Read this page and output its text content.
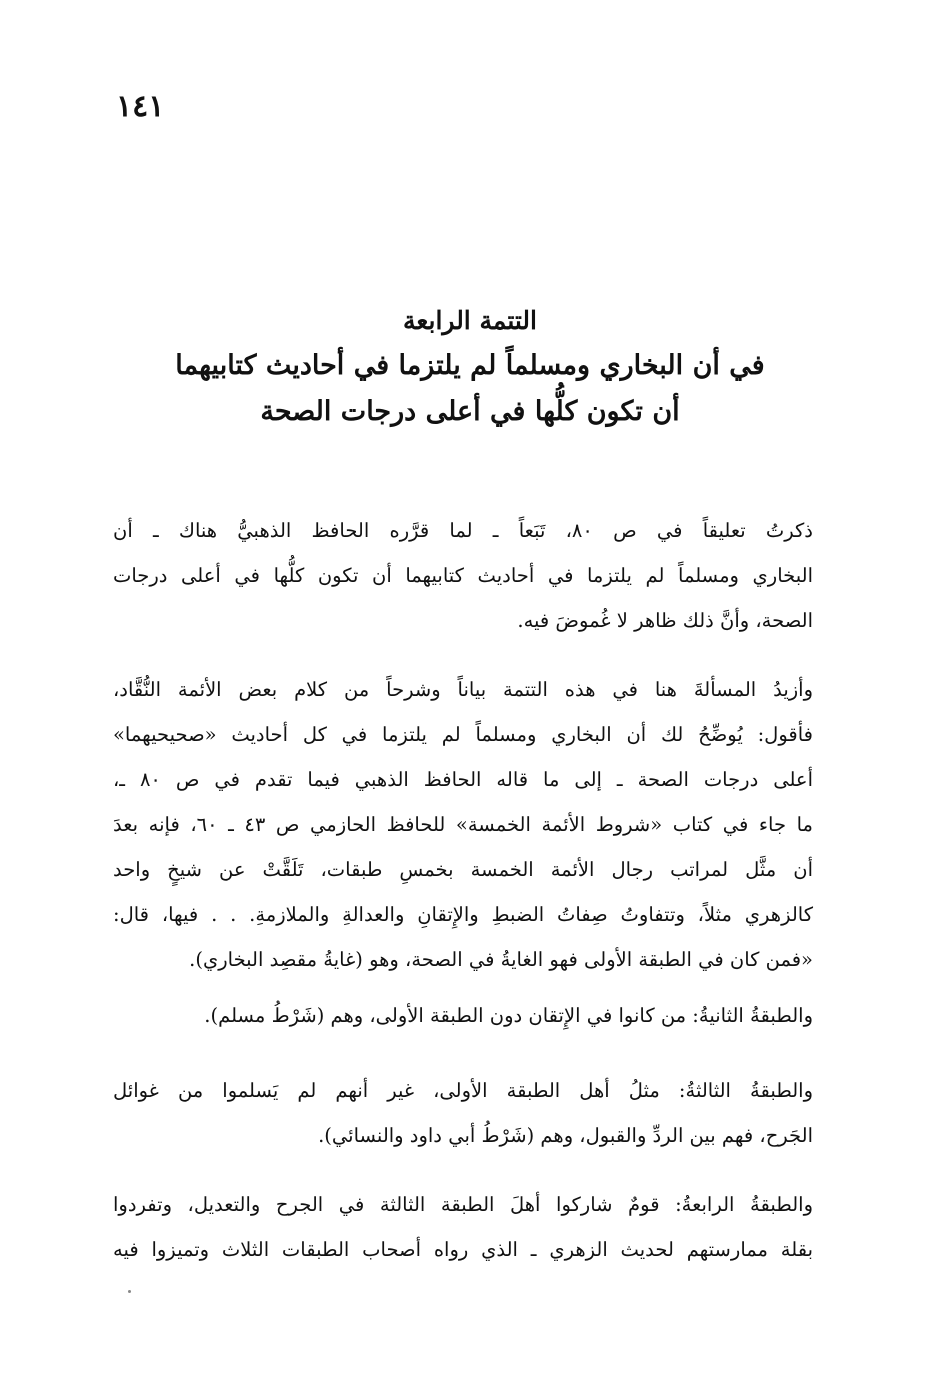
١٤١
التتمة الرابعة
في أن البخاري ومسلماً لم يلتزما في أحاديث كتابيهما
أن تكون كلُّها في أعلى درجات الصحة
ذكرتُ تعليقاً في ص ٨٠، تَبَعاً ـ لما قرَّره الحافظ الذهبيُّ هناك ـ أن
البخاري ومسلماً لم يلتزما في أحاديث كتابيهما أن تكون كلُّها في أعلى درجات
الصحة، وأنَّ ذلك ظاهر لا غُموضَ فيه.
وأزيدُ المسألةَ هنا في هذه التتمة بياناً وشرحاً من كلام بعض الأئمة النُّقَّاد،
فأقول: يُوضِّحُ لك أن البخاري ومسلماً لم يلتزما في كل أحاديث «صحيحيهما»
أعلى درجات الصحة ـ إلى ما قاله الحافظ الذهبي فيما تقدم في ص ٨٠ ـ،
ما جاء في كتاب «شروط الأئمة الخمسة» للحافظ الحازمي ص ٤٣ ـ ٦٠، فإنه بعدَ
أن مثَّل لمراتب رجال الأئمة الخمسة بخمسِ طبقات، تَلَقَّتْ عن شيخٍ واحد
كالزهري مثلاً، وتتفاوتُ صِفاتُ الضبطِ والإِتقانِ والعدالةِ والملازمةِ. . . فيها، قال:
«فمن كان في الطبقة الأولى فهو الغايةُ في الصحة، وهو (غايةُ مقصِد البخاري).
والطبقةُ الثانيةُ: من كانوا في الإِتقان دون الطبقة الأولى، وهم (شَرْطُ مسلم).
والطبقةُ الثالثةُ: مثلُ أهل الطبقة الأولى، غير أنهم لم يَسلموا من غوائل
الجَرح، فهم بين الردِّ والقبول، وهم (شَرْطُ أبي داود والنسائي).
والطبقةُ الرابعةُ: قومٌ شاركوا أهلَ الطبقة الثالثة في الجرح والتعديل، وتفردوا
بقلة ممارستهم لحديث الزهري ـ الذي رواه أصحاب الطبقات الثلاث وتميزوا فيه
